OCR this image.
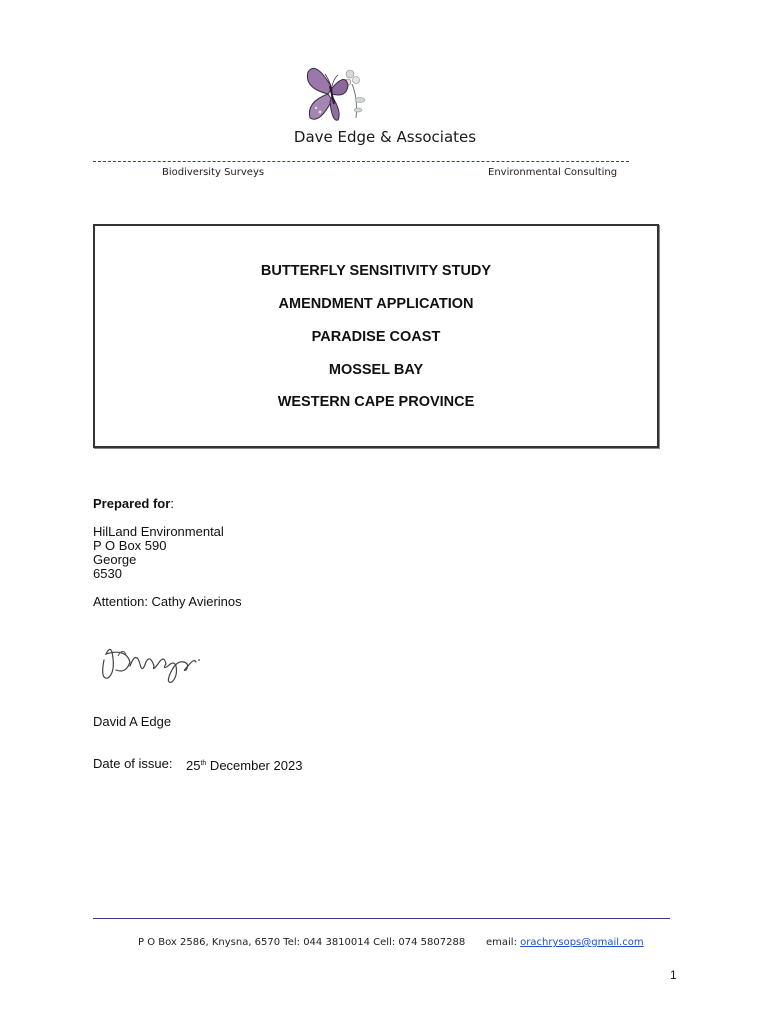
Dave Edge & Associates
Biodiversity Surveys	Environmental Consulting
BUTTERFLY SENSITIVITY STUDY
AMENDMENT APPLICATION
PARADISE COAST
MOSSEL BAY
WESTERN CAPE PROVINCE
Prepared for:
HilLand Environmental
P O Box 590
George
6530
Attention: Cathy Avierinos
David A Edge
Date of issue: 25th December 2023
P O Box 2586, Knysna, 6570 Tel: 044 3810014 Cell: 074 5807288 email: orachrysops@gmail.com
1
